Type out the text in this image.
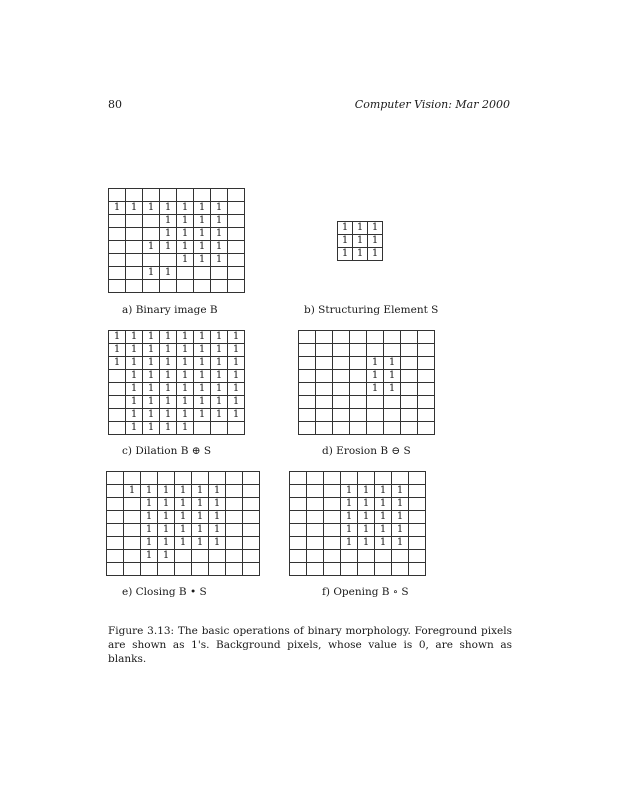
80	Computer Vision: Mar 2000

1	1	1	1	1	1	1	
			1	1	1	1	
			1	1	1	1	
		1	1	1	1	1	
				1	1	1	
		1	1				

1	1	1
1	1	1
1	1	1
1	1	1	1	1	1	1	1
1	1	1	1	1	1	1	1
1	1	1	1	1	1	1	1
	1	1	1	1	1	1	1
	1	1	1	1	1	1	1
	1	1	1	1	1	1	1
	1	1	1	1	1	1	1
	1	1	1	1			

				1	1		
				1	1		
				1	1		

	1	1	1	1	1	1		
		1	1	1	1	1		
		1	1	1	1	1		
		1	1	1	1	1		
		1	1	1	1	1		
		1	1					

			1	1	1	1	
			1	1	1	1	
			1	1	1	1	
			1	1	1	1	
			1	1	1	1	

a) Binary image B	b) Structuring Element S
c) Dilation B ⊕ S	d) Erosion B ⊖ S
e) Closing B • S	f) Opening B ∘ S
Figure 3.13: The basic operations of binary morphology. Foreground pixels are shown as 1's. Background pixels, whose value is 0, are shown as blanks.
